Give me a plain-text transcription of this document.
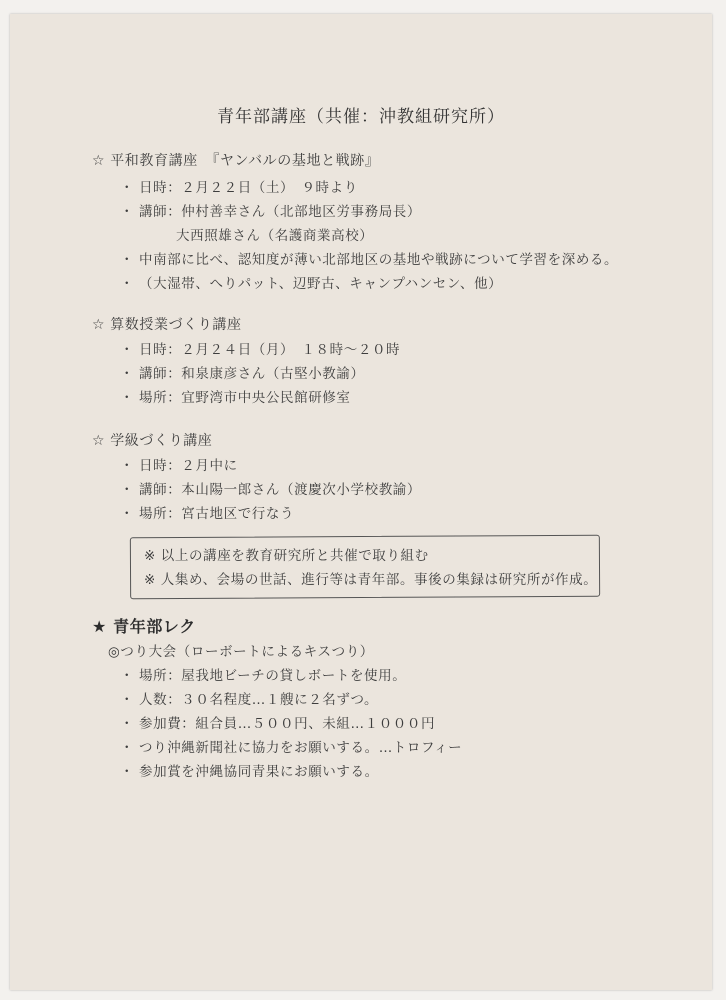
青年部講座（共催：沖教組研究所）
☆ 平和教育講座　『ヤンバルの基地と戦跡』
・ 日時：２月２２日（土）　９時より
・ 講師：仲村善幸さん（北部地区労事務局長）
大西照雄さん（名護商業高校）
・ 中南部に比べ、認知度が薄い北部地区の基地や戦跡について学習を深める。
・ （大湿帯、へりパット、辺野古、キャンプハンセン、他）
☆ 算数授業づくり講座
・ 日時：２月２４日（月）　１８時〜２０時
・ 講師：和泉康彦さん（古堅小教諭）
・ 場所：宜野湾市中央公民館研修室
☆ 学級づくり講座
・ 日時：２月中に
・ 講師：本山陽一郎さん（渡慶次小学校教諭）
・ 場所：宮古地区で行なう
※ 以上の講座を教育研究所と共催で取り組む
※ 人集め、会場の世話、進行等は青年部。事後の集録は研究所が作成。
★ 青年部レク
◎つり大会（ローボートによるキスつり）
・ 場所：屋我地ビーチの貸しボートを使用。
・ 人数：３０名程度…１艘に２名ずつ。
・ 参加費：組合員…５００円、未組…１０００円
・ つり沖縄新聞社に協力をお願いする。…トロフィー
・ 参加賞を沖縄協同青果にお願いする。
